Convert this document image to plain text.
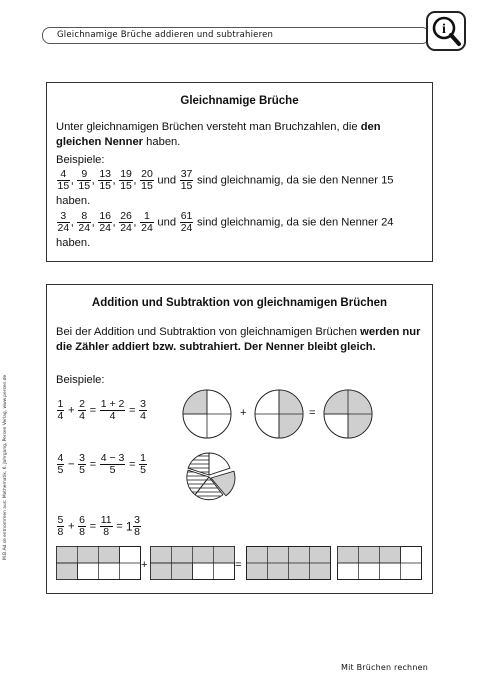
Gleichnamige Brüche addieren und subtrahieren	i
Gleichnamige Brüche
Unter gleichnamigen Brüchen versteht man Bruchzahlen, die den gleichen Nenner haben.
Beispiele:
$\frac{4}{15}$ , $\frac{9}{15}$ , $\frac{13}{15}$ , $\frac{19}{15}$ , $\frac{20}{15}$ und $\frac{37}{15}$ sind gleichnamig, da sie den Nenner 15
haben.
$\frac{3}{24}$ , $\frac{8}{24}$ , $\frac{16}{24}$ , $\frac{26}{24}$ , $\frac{1}{24}$ und $\frac{61}{24}$ sind gleichnamig, da sie den Nenner 24
haben.
Addition und Subtraktion von gleichnamigen Brüchen
Bei der Addition und Subtraktion von gleichnamigen Brüchen werden nur die Zähler addiert bzw. subtrahiert. Der Nenner bleibt gleich.
Beispiele:
$\frac{1}{4} + \frac{2}{4} = \frac{1 + 2}{4} = \frac{3}{4}$
$\frac{4}{5} - \frac{3}{5} = \frac{4 - 3}{5} = \frac{1}{5}$
$\frac{5}{8} + \frac{6}{8} = \frac{11}{8} = 1 \frac{3}{8}$
+	=
+	=
M.B.Ad.se entnommen aus: Mathematik, 6. Jahrgang, Persen Verlag, www.persen.de
Mit Brüchen rechnen
